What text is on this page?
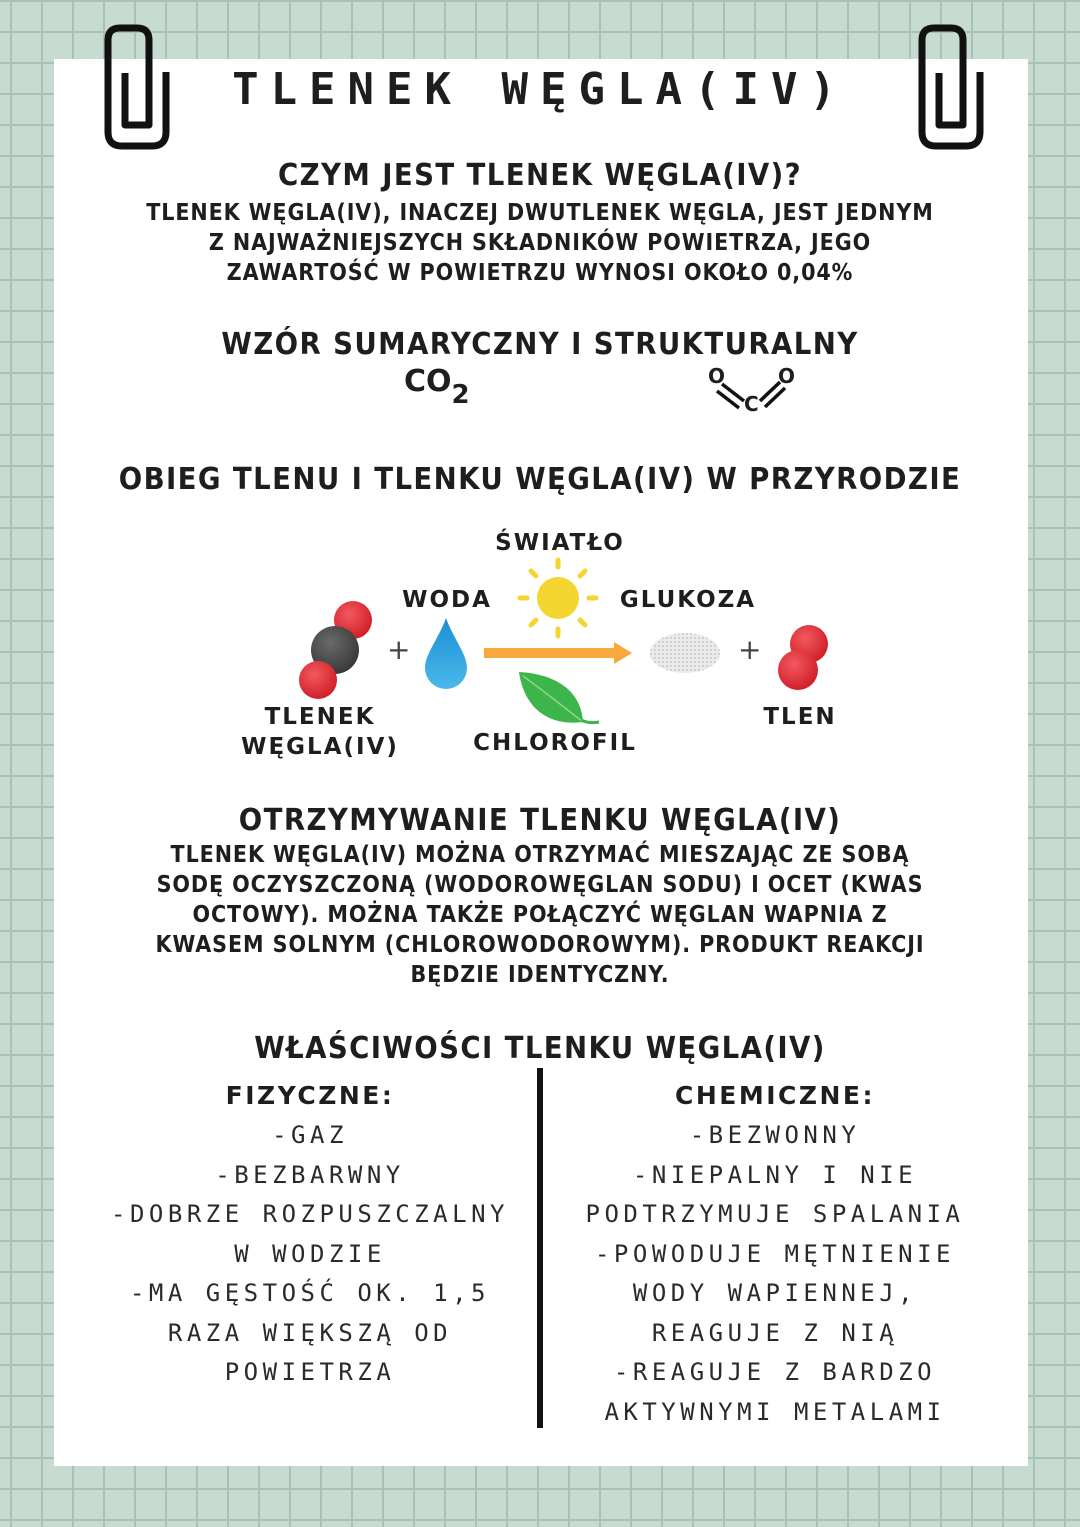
TLENEK WĘGLA(IV)
CZYM JEST TLENEK WĘGLA(IV)?
TLENEK WĘGLA(IV), INACZEJ DWUTLENEK WĘGLA, JEST JEDNYM
Z NAJWAŻNIEJSZYCH SKŁADNIKÓW POWIETRZA, JEGO
ZAWARTOŚĆ W POWIETRZU WYNOSI OKOŁO 0,04%
WZÓR SUMARYCZNY I STRUKTURALNY
CO2
O
C
O
OBIEG TLENU I TLENKU WĘGLA(IV) W PRZYRODZIE
ŚWIATŁO
WODA	GLUKOZA
+	+
TLENEK
WĘGLA(IV)	CHLOROFIL
TLEN
OTRZYMYWANIE TLENKU WĘGLA(IV)
TLENEK WĘGLA(IV) MOŻNA OTRZYMAĆ MIESZAJĄC ZE SOBĄ
SODĘ OCZYSZCZONĄ (WODOROWĘGLAN SODU) I OCET (KWAS
OCTOWY). MOŻNA TAKŻE POŁĄCZYĆ WĘGLAN WAPNIA Z
KWASEM SOLNYM (CHLOROWODOROWYM). PRODUKT REAKCJI
BĘDZIE IDENTYCZNY.
WŁAŚCIWOŚCI TLENKU WĘGLA(IV)
FIZYCZNE:
-GAZ
-BEZBARWNY
-DOBRZE ROZPUSZCZALNY
W WODZIE
-MA GĘSTOŚĆ OK. 1,5
RAZA WIĘKSZĄ OD
POWIETRZA
CHEMICZNE:
-BEZWONNY
-NIEPALNY I NIE
PODTRZYMUJE SPALANIA
-POWODUJE MĘTNIENIE
WODY WAPIENNEJ,
REAGUJE Z NIĄ
-REAGUJE Z BARDZO
AKTYWNYMI METALAMI
